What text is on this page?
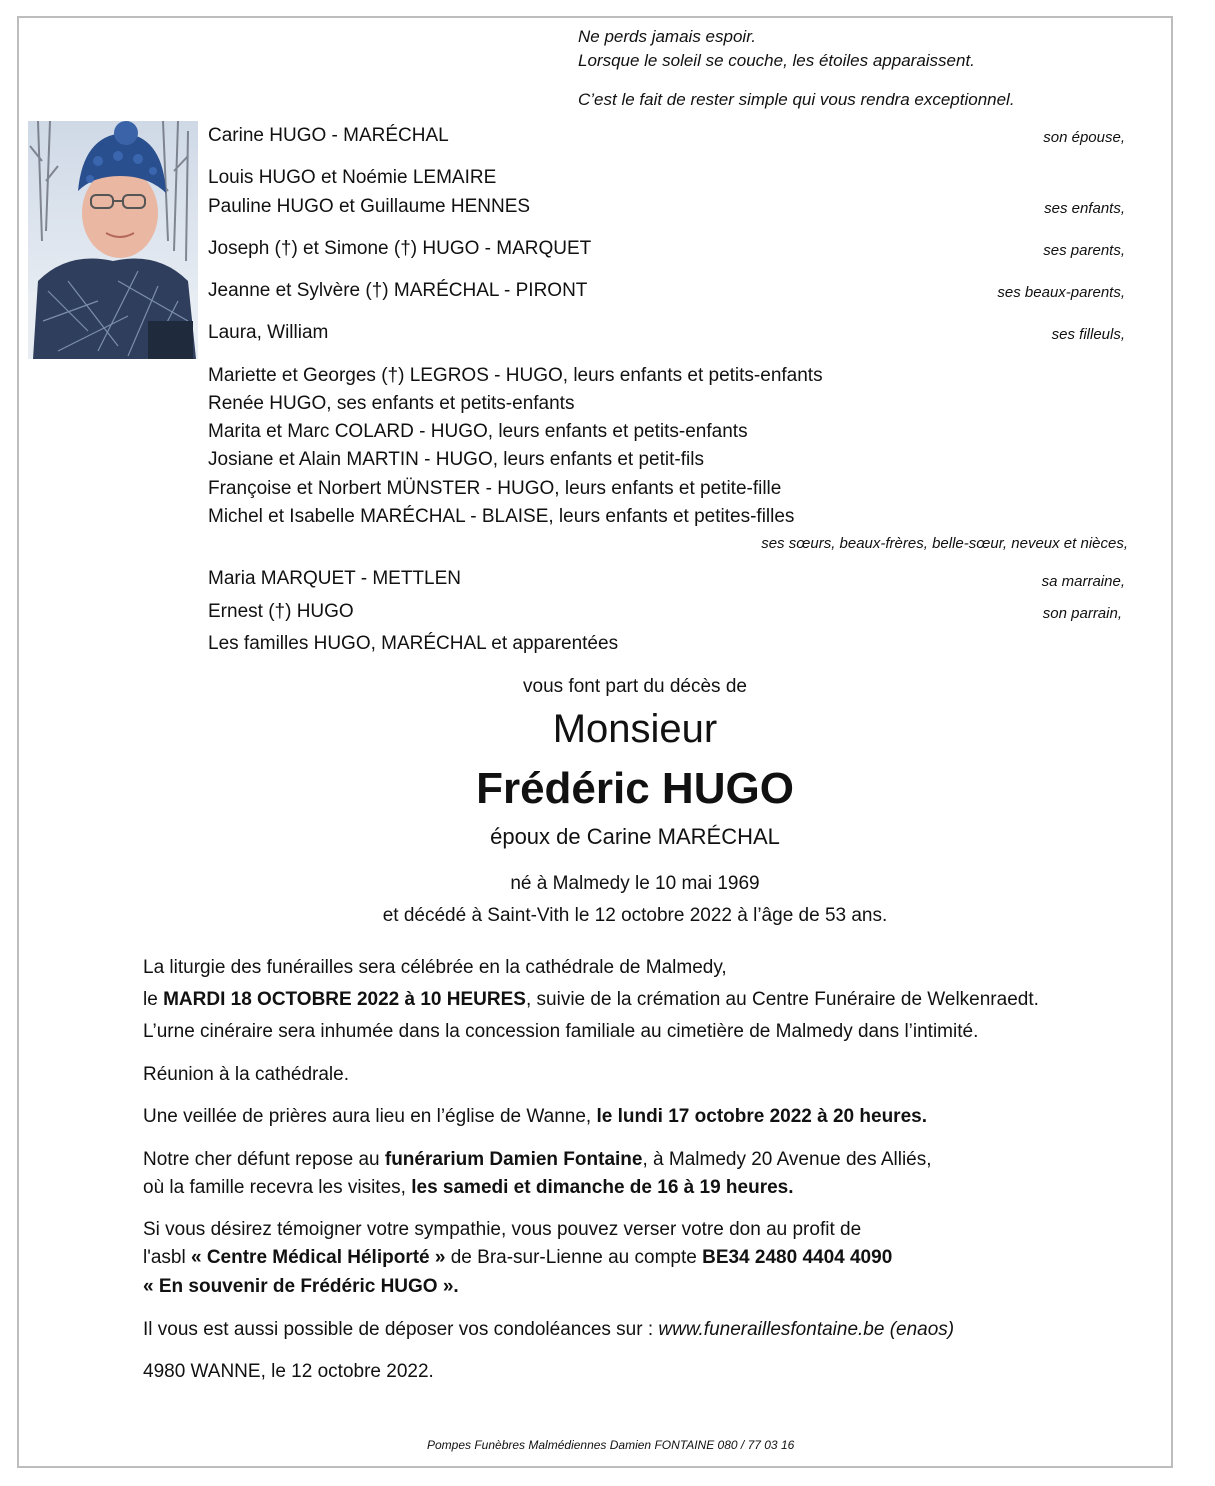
Ne perds jamais espoir.
Lorsque le soleil se couche, les étoiles apparaissent.
C’est le fait de rester simple qui vous rendra exceptionnel.
Carine HUGO - MARÉCHAL	son épouse,
Louis HUGO et Noémie LEMAIRE
Pauline HUGO et Guillaume HENNES	ses enfants,
Joseph (†) et Simone (†) HUGO - MARQUET	ses parents,
Jeanne et Sylvère (†) MARÉCHAL - PIRONT	ses beaux-parents,
Laura, William	ses filleuls,
Mariette et Georges (†) LEGROS - HUGO, leurs enfants et petits-enfants
Renée HUGO, ses enfants et petits-enfants
Marita et Marc COLARD - HUGO, leurs enfants et petits-enfants
Josiane et Alain MARTIN - HUGO, leurs enfants et petit-fils
Françoise et Norbert MÜNSTER - HUGO, leurs enfants et petite-fille
Michel et Isabelle MARÉCHAL - BLAISE, leurs enfants et petites-filles
ses sœurs, beaux-frères, belle-sœur, neveux et nièces,
Maria MARQUET - METTLEN	sa marraine,
Ernest (†) HUGO	son parrain,
Les familles HUGO, MARÉCHAL et apparentées
vous font part du décès de
Monsieur
Frédéric HUGO
époux de Carine MARÉCHAL
né à Malmedy le 10 mai 1969
et décédé à Saint-Vith le 12 octobre 2022 à l’âge de 53 ans.
La liturgie des funérailles sera célébrée en la cathédrale de Malmedy,
le MARDI 18 OCTOBRE 2022 à 10 HEURES, suivie de la crémation au Centre Funéraire de Welkenraedt.
L’urne cinéraire sera inhumée dans la concession familiale au cimetière de Malmedy dans l’intimité.
Réunion à la cathédrale.
Une veillée de prières aura lieu en l’église de Wanne, le lundi 17 octobre 2022 à 20 heures.
Notre cher défunt repose au funérarium Damien Fontaine, à Malmedy 20 Avenue des Alliés,
où la famille recevra les visites, les samedi et dimanche de 16 à 19 heures.
Si vous désirez témoigner votre sympathie, vous pouvez verser votre don au profit de
l'asbl « Centre Médical Héliporté » de Bra-sur-Lienne au compte BE34 2480 4404 4090
« En souvenir de Frédéric HUGO ».
Il vous est aussi possible de déposer vos condoléances sur : www.funeraillesfontaine.be (enaos)
4980 WANNE, le 12 octobre 2022.
Pompes Funèbres Malmédiennes Damien FONTAINE 080 / 77 03 16
